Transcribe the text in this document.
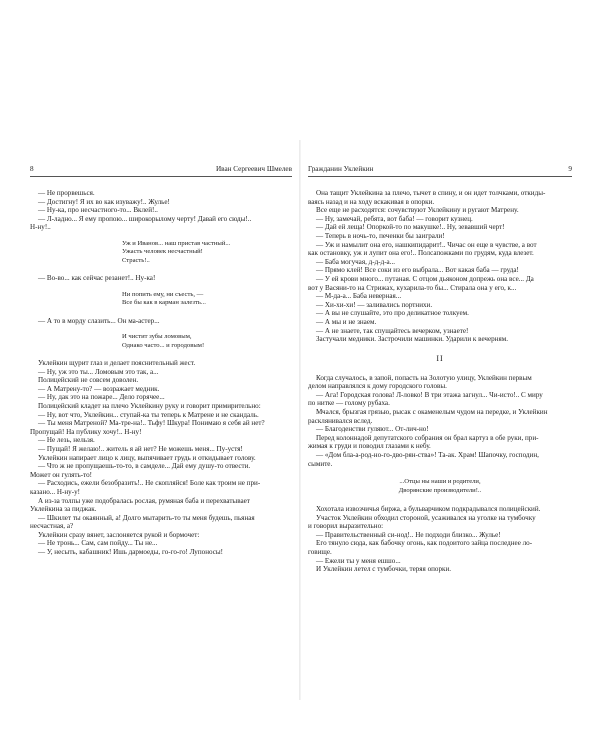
8	Иван Сергеевич Шмелев

— Не прорвешься.

— Достигну! Я их во как изуважу!.. Жулье!

— Ну-ка, про несчастного-то... Вклей!..

— Л-ладно... Я ему пропою... широкорылому черту! Давай его сюды!..

Н-ну!..

Уж и Иванов... наш пристав частный...
Ужасть человек несчастный!
Страсть!..

— Во-во... как сейчас резанет!.. Ну-ка!

Ни попить ему, ни съесть, —
Все бы как в карман залезть...

— А то в морду слазить... Он ма-астер...

И чистит зубы ломовым,
Однако часто... и городовым!

Уклейкин щурит глаз и делает пояснительный жест.

— Ну, уж это ты... Ломовым это так, а...

Полицейский не совсем доволен.

— А Матрену-то? — возражает медник.

— Ну, дак это на пожаре... Дело горячее...

Полицейский кладет на плечо Уклейкину руку и говорит примирительно:

— Ну, вот что, Уклейкин... ступай-ка ты теперь к Матрене и не скандаль.

— Ты меня Матреной? Ма-тре-на!.. Тьфу! Шкура! Понимаю я себя ай нет?

Пропущай! На публику хочу!.. Н-ну!

— Не лезь, нельзя.

— Пущай! Я желаю!.. житель я ай нет? Не можешь меня... Пу-устя!

Уклейкин напирает лицо к лицу, выпячивает грудь и откидывает голову.

— Что ж не пропущаешь-то-то, в самделе... Дай ему душу-то отвести.

Может он гулять-то!

— Расходись, ежели безобразить!.. Не скопляйся! Боле как троим не при-

казано... Н-ну-у!

А из-за толпы уже подобралась рослая, румяная баба и перехватывает

Уклейкина за пиджак.

— Шкилет ты окаянный, а! Долго мытарить-то ты меня будешь, пьяная

несчастная, а?

Уклейкин сразу вянет, заслоняется рукой и бормочет:

— Не тронь... Сам, сам пойду... Ты не...

— У, несыть, кабашник! Ишь дармоеды, го-го-го! Лупоносы!

Гражданин Уклейкин	9

Она тащит Уклейкина за плечо, тычет в спину, и он идет толчками, откиды-

ваясь назад и на ходу вскакивая в опорки.

Все еще не расходятся: сочувствуют Уклейкину и ругают Матрену.

— Ну, замечай, ребята, вот баба! — говорит кузнец.

— Дай ей леща! Опоркой-то по макушке!.. Ну, зевавший черт!

— Теперь в ночь-то, печенки бы заиграли!

— Уж и намылит она его, нашкипидарит!.. Чичас он еще в чувстве, а вот

как остановку, уж и лупит она его!.. Полсапожками по грудям, куда влезет.

— Баба могучая, д-д-д-а...

— Прямо клей! Все соки из его выбрала... Вот какая баба — груда!

— У ей крови много... путаная. С отцом дьяконом допрежь она все... Да

вот у Васяни-то на Стрижах, кухарила-то бы... Стирала она у его, к...

— М-да-а... Баба неверная...

— Хи-хи-хи! — заливались портнихи.

— А вы не слушайте, это про деликатное толкуем.

— А мы и не знаем.

— А не знаете, так спущайтесь вечерком, узнаете!

Застучали медники. Застрочили машинки. Ударили к вечерням.

II

Когда случалось, в запой, попасть на Золотую улицу, Уклейкин первым

делом направлялся к дому городского головы.

— Ага! Городская голова! Л-ловко! В три этажа загнул... Чи-исто!.. С миру

по нитке — голому рубаха.

Мчался, брызгая грязью, рысак с окаменелым чудом на передке, и Уклейкин

расклянивался вслед.

— Благоденстви гуляют... От-лич-но!

Перед колоннадой депутатского собрания он брал картуз в обе руки, при-

жимая к груди и поводил глазами к небу.

— «Дом бла-а-род-но-го-дво-рян-ства»! Та-ак. Храм! Шапочку, господин,

сымите.

...Отцы ны наши и родители,
Дворянские производители!..

Хохотала извозчичья биржа, а бульварчиком подкрадывался полицейский.

Участок Уклейкин обходил стороной, усаживался на уголке на тумбочку

и говорил выразительно:

— Правительственный си-нод!.. Не подходи близко... Жулье!

Его тянуло сюда, как бабочку огонь, как подоитого зайца последнее ло-

говище.

— Ежели ты у меня ешшо...

И Уклейкин летел с тумбочки, теряя опорки.
